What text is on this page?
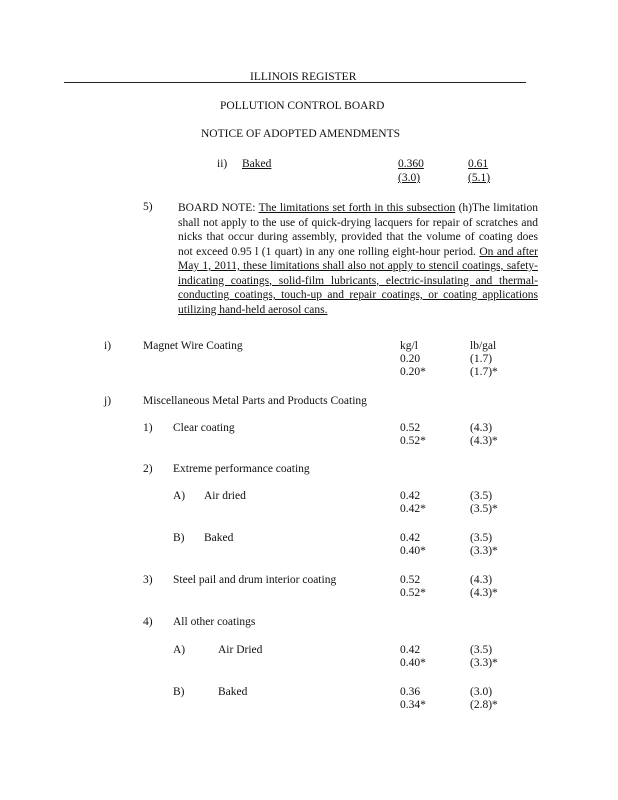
ILLINOIS REGISTER
POLLUTION CONTROL BOARD
NOTICE OF ADOPTED AMENDMENTS
ii) Baked	0.360	0.61
(3.0)	(5.1)
5) BOARD NOTE: The limitations set forth in this subsection (h)The limitation shall not apply to the use of quick-drying lacquers for repair of scratches and nicks that occur during assembly, provided that the volume of coating does not exceed 0.95 l (1 quart) in any one rolling eight-hour period. On and after May 1, 2011, these limitations shall also not apply to stencil coatings, safety-indicating coatings, solid-film lubricants, electric-insulating and thermal-conducting coatings, touch-up and repair coatings, or coating applications utilizing hand-held aerosol cans.
i)	Magnet Wire Coating	kg/l	lb/gal
0.20	(1.7)
0.20*	(1.7)*
j)	Miscellaneous Metal Parts and Products Coating
1) Clear coating	0.52	(4.3)
0.52*	(4.3)*
2) Extreme performance coating
A) Air dried	0.42	(3.5)
0.42*	(3.5)*
B) Baked	0.42	(3.5)
0.40*	(3.3)*
3) Steel pail and drum interior coating	0.52	(4.3)
0.52*	(4.3)*
4) All other coatings
A)	Air Dried	0.42	(3.5)
0.40*	(3.3)*
B)	Baked	0.36	(3.0)
0.34*	(2.8)*
